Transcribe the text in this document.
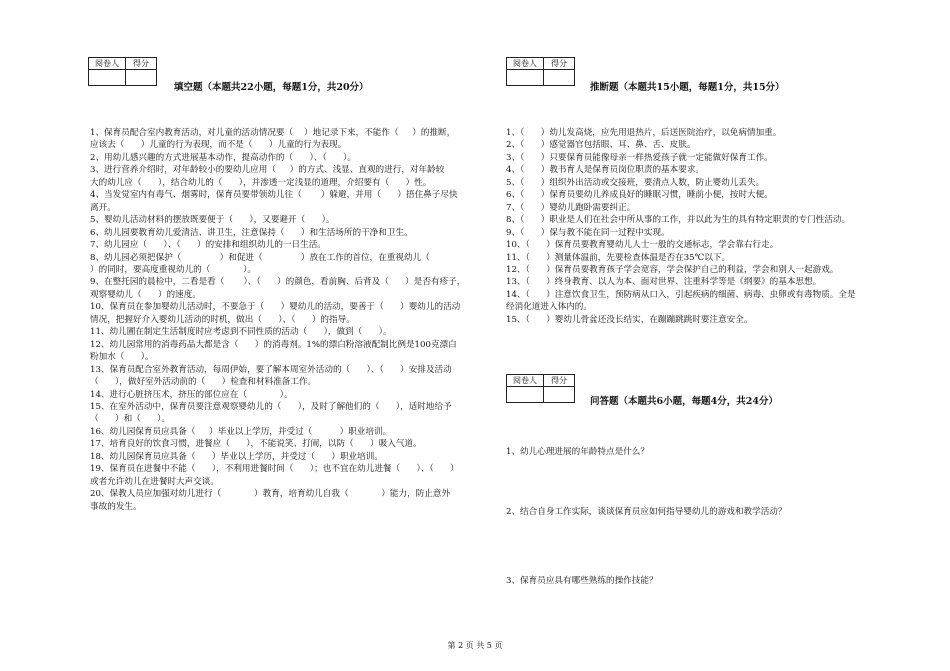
阅卷人	得分

填空题（本题共22小题，每题1分，共20分）

1、保育员配合室内教育活动，对儿童的活动情况要（    ）地记录下来，不能作（     ）的推断，

应该去（      ）儿童的行为表现，而不是（      ）儿童的行为表现。

2、用幼儿感兴趣的方式进展基本动作，提高动作的（      ）、（      ）。

3、进行营养介绍时，对年龄较小的要幼儿应用（     ）的方式、浅显、直观的进行，对年龄较

大的幼儿应（      ），结合幼儿的（      ），并渗透一定浅显的道理，介绍要有（      ）性。

4、当发觉室内有毒气、烟雾时，保育员要带领幼儿往（       ）躲避，并用（      ）捂住鼻子尽快

离开。

5、婴幼儿活动材料的摆放既要便于（      ），又要避开（      ）。

6、幼儿园要教育幼儿爱清洁、讲卫生，注意保持（      ）和生活场所的干净和卫生。

7、幼儿园应（      ）、（      ）的安排和组织幼儿的一日生活。

8、幼儿园必须把保护（              ）和促进（              ）放在工作的首位，在重视幼儿（

）的同时，要高度重视幼儿的（            ）。

9、在整托园的晨检中，二看是看（       ）、（      ）的颜色，看前胸、后背及（      ）是否有疹子，

观察婴幼儿（      ）的速度。

10、保育员在参加婴幼儿活动时，不要急于（      ）婴幼儿的活动，要善于（      ）婴幼儿的活动

情况，把握好介入婴幼儿活动的时机，做出（      ）、（      ）的指导。

11、幼儿圃在制定生活制度时应考虑到不同性质的活动（      ），做到（      ）。

12、幼儿园常用的消毒药品大都是含（      ）的消毒剂。1%的漂白粉溶液配制比例是100克漂白

粉加水（      ）。

13、保育员配合室外教育活动，每周伊始，要了解本周室外活动的（      ）、（      ）安排及活动

（      ），做好室外活动前的（      ）检查和材料准备工作。

14、进行心脏挤压术，挤压的部位应在（            ）。

15、在室外活动中，保育员要注意观察婴幼儿的（      ），及时了解他们的（      ），适时地给予

（      ）和（      ）。

16、幼儿园保育员应具备（     ）毕业以上学历，并受过（          ）职业培训。

17、培育良好的饮食习惯，进餐应（      ），不能说笑、打闹，以防（      ）吸入气道。

18、幼儿园保育员应具备（      ）毕业以上学历，并受过（      ）职业培训。

19、保育员在进餐中不能（      ），不利用进餐时间（      ）；也不宜在幼儿进餐（      ）、（      ）

或者允许幼儿在进餐时大声交谈。

20、保教人员应加强对幼儿进行（            ）教育，培育幼儿自我（            ）能力，防止意外

事故的发生。

阅卷人	得分

推断题（本题共15小题，每题1分，共15分）

1、（      ）幼儿发高烧，应先用退热片，后送医院治疗，以免病情加重。

2、（      ）感觉器官包括眼、耳、鼻、舌、皮肤。

3、（      ）只要保育员能像母亲一样热爱孩子就一定能做好保育工作。

4、（      ）教书育人是保育员岗位职责的基本要求。

5、（      ）组织外出活动或交接班，要清点人数，防止婴幼儿丢失。

6、（      ）保育员要幼儿养成良好的睡眠习惯，睡前小便，按时大便。

7、（      ）婴幼儿跑卧需要纠正。

8、（      ）职业是人们在社会中所从事的工作，并以此为生的具有特定职责的专门性活动。

9、（      ）保与教不能在同一过程中实现。

10、（      ）保育员要教育婴幼儿人士一般的交通标志，学会靠右行走。

11、（      ）测量体温前，先要检查体温是否在35℃以下。

12、（      ）保育员要教育孩子学会宽容，学会保护自己的利益，学会和别人一起游戏。

13、（      ）终身教育、以人为本、面对世界、注重科学等是《纲要》的基本思想。

14、（      ）注意饮食卫生，预防病从口入，引起疾病的细菌、病毒、虫卵或有毒物质。全是

经消化道进入体内的。

15、（      ）婴幼儿骨盆还没长结实，在蹦蹦跳跳时要注意安全。

阅卷人	得分

问答题（本题共6小题，每题4分，共24分）
1、幼儿心理进展的年龄特点是什么？
2、结合自身工作实际，谈谈保育员应如何指导婴幼儿的游戏和教学活动？
3、保育员应具有哪些熟练的操作技能？
第 2 页 共 5 页
